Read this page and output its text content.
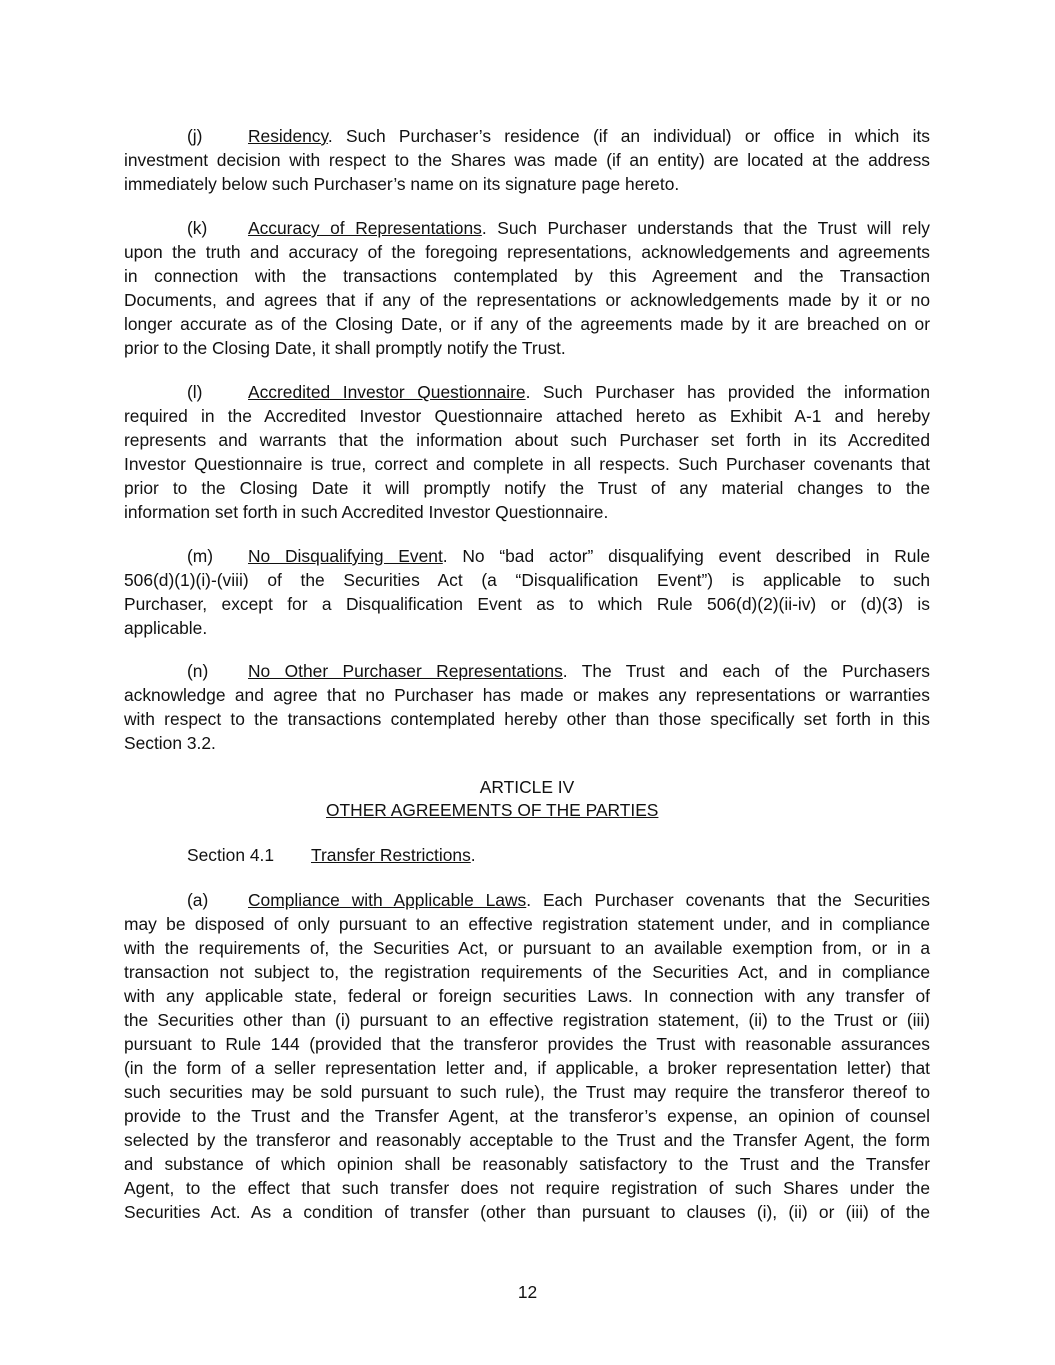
(j)	Residency. Such Purchaser’s residence (if an individual) or office in which its
investment decision with respect to the Shares was made (if an entity) are located at the address
immediately below such Purchaser’s name on its signature page hereto.
(k) Accuracy of Representations. Such Purchaser understands that the Trust will rely
upon the truth and accuracy of the foregoing representations, acknowledgements and agreements
in connection with the transactions contemplated by this Agreement and the Transaction
Documents, and agrees that if any of the representations or acknowledgements made by it or no
longer accurate as of the Closing Date, or if any of the agreements made by it are breached on or
prior to the Closing Date, it shall promptly notify the Trust.
(l)	Accredited Investor Questionnaire. Such Purchaser has provided the information
required in the Accredited Investor Questionnaire attached hereto as Exhibit A-1 and hereby
represents and warrants that the information about such Purchaser set forth in its Accredited
Investor Questionnaire is true, correct and complete in all respects. Such Purchaser covenants that
prior to the Closing Date it will promptly notify the Trust of any material changes to the
information set forth in such Accredited Investor Questionnaire.
(m) No Disqualifying Event. No “bad actor” disqualifying event described in Rule
506(d)(1)(i)-(viii) of the Securities Act (a “Disqualification Event”) is applicable to such
Purchaser, except for a Disqualification Event as to which Rule 506(d)(2)(ii-iv) or (d)(3) is
applicable.
(n) No Other Purchaser Representations. The Trust and each of the Purchasers
acknowledge and agree that no Purchaser has made or makes any representations or warranties
with respect to the transactions contemplated hereby other than those specifically set forth in this
Section 3.2.
(a) Compliance with Applicable Laws. Each Purchaser covenants that the Securities
may be disposed of only pursuant to an effective registration statement under, and in compliance
with the requirements of, the Securities Act, or pursuant to an available exemption from, or in a
transaction not subject to, the registration requirements of the Securities Act, and in compliance
with any applicable state, federal or foreign securities Laws. In connection with any transfer of
the Securities other than (i) pursuant to an effective registration statement, (ii) to the Trust or (iii)
pursuant to Rule 144 (provided that the transferor provides the Trust with reasonable assurances
(in the form of a seller representation letter and, if applicable, a broker representation letter) that
such securities may be sold pursuant to such rule), the Trust may require the transferor thereof to
provide to the Trust and the Transfer Agent, at the transferor’s expense, an opinion of counsel
selected by the transferor and reasonably acceptable to the Trust and the Transfer Agent, the form
and substance of which opinion shall be reasonably satisfactory to the Trust and the Transfer
Agent, to the effect that such transfer does not require registration of such Shares under the
Securities Act. As a condition of transfer (other than pursuant to clauses (i), (ii) or (iii) of the
ARTICLE IV
OTHER AGREEMENTS OF THE PARTIES
Section 4.1 Transfer Restrictions.
12
